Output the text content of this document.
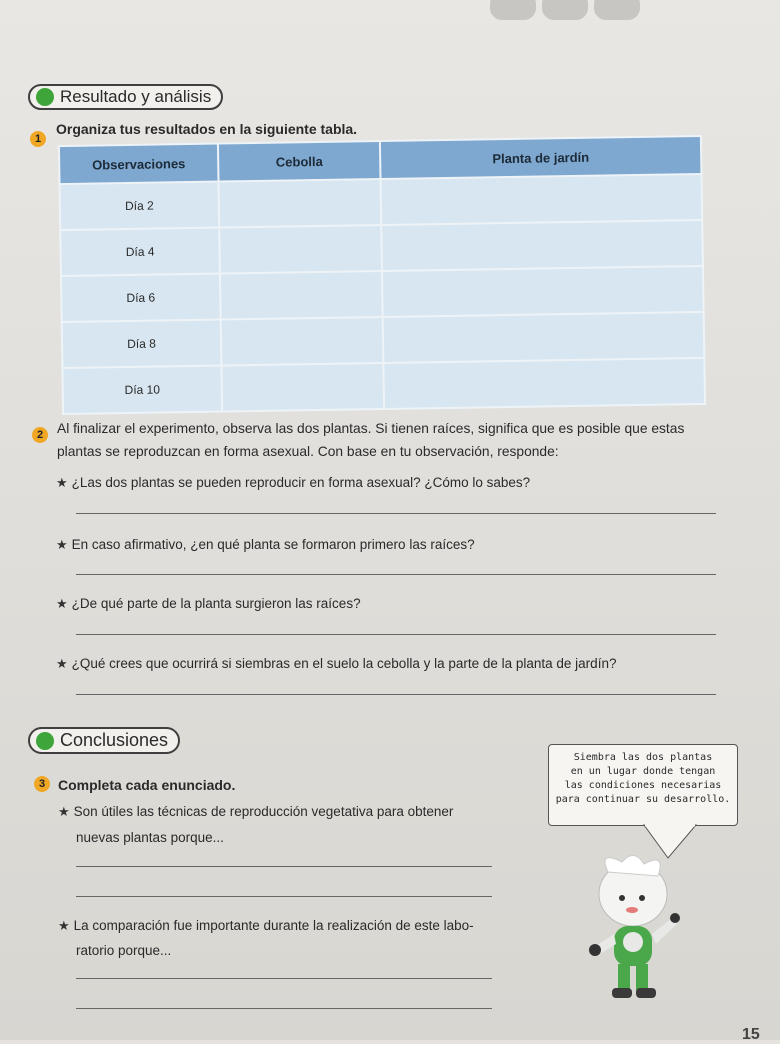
Resultado y análisis
1
Organiza tus resultados en la siguiente tabla.
Observaciones	Cebolla	Planta de jardín
Día 2		
Día 4		
Día 6		
Día 8		
Día 10		
2	Al finalizar el experimento, observa las dos plantas. Si tienen raíces, significa que es posible que estas
plantas se reproduzcan en forma asexual. Con base en tu observación, responde:
★ ¿Las dos plantas se pueden reproducir en forma asexual? ¿Cómo lo sabes?
★ En caso afirmativo, ¿en qué planta se formaron primero las raíces?
★ ¿De qué parte de la planta surgieron las raíces?
★ ¿Qué crees que ocurrirá si siembras en el suelo la cebolla y la parte de la planta de jardín?
Conclusiones
3 Completa cada enunciado.
★ Son útiles las técnicas de reproducción vegetativa para obtener
nuevas plantas porque...
★ La comparación fue importante durante la realización de este labo-
ratorio porque...
Siembra las dos plantas
en un lugar donde tengan
las condiciones necesarias
para continuar su desarrollo.
15
